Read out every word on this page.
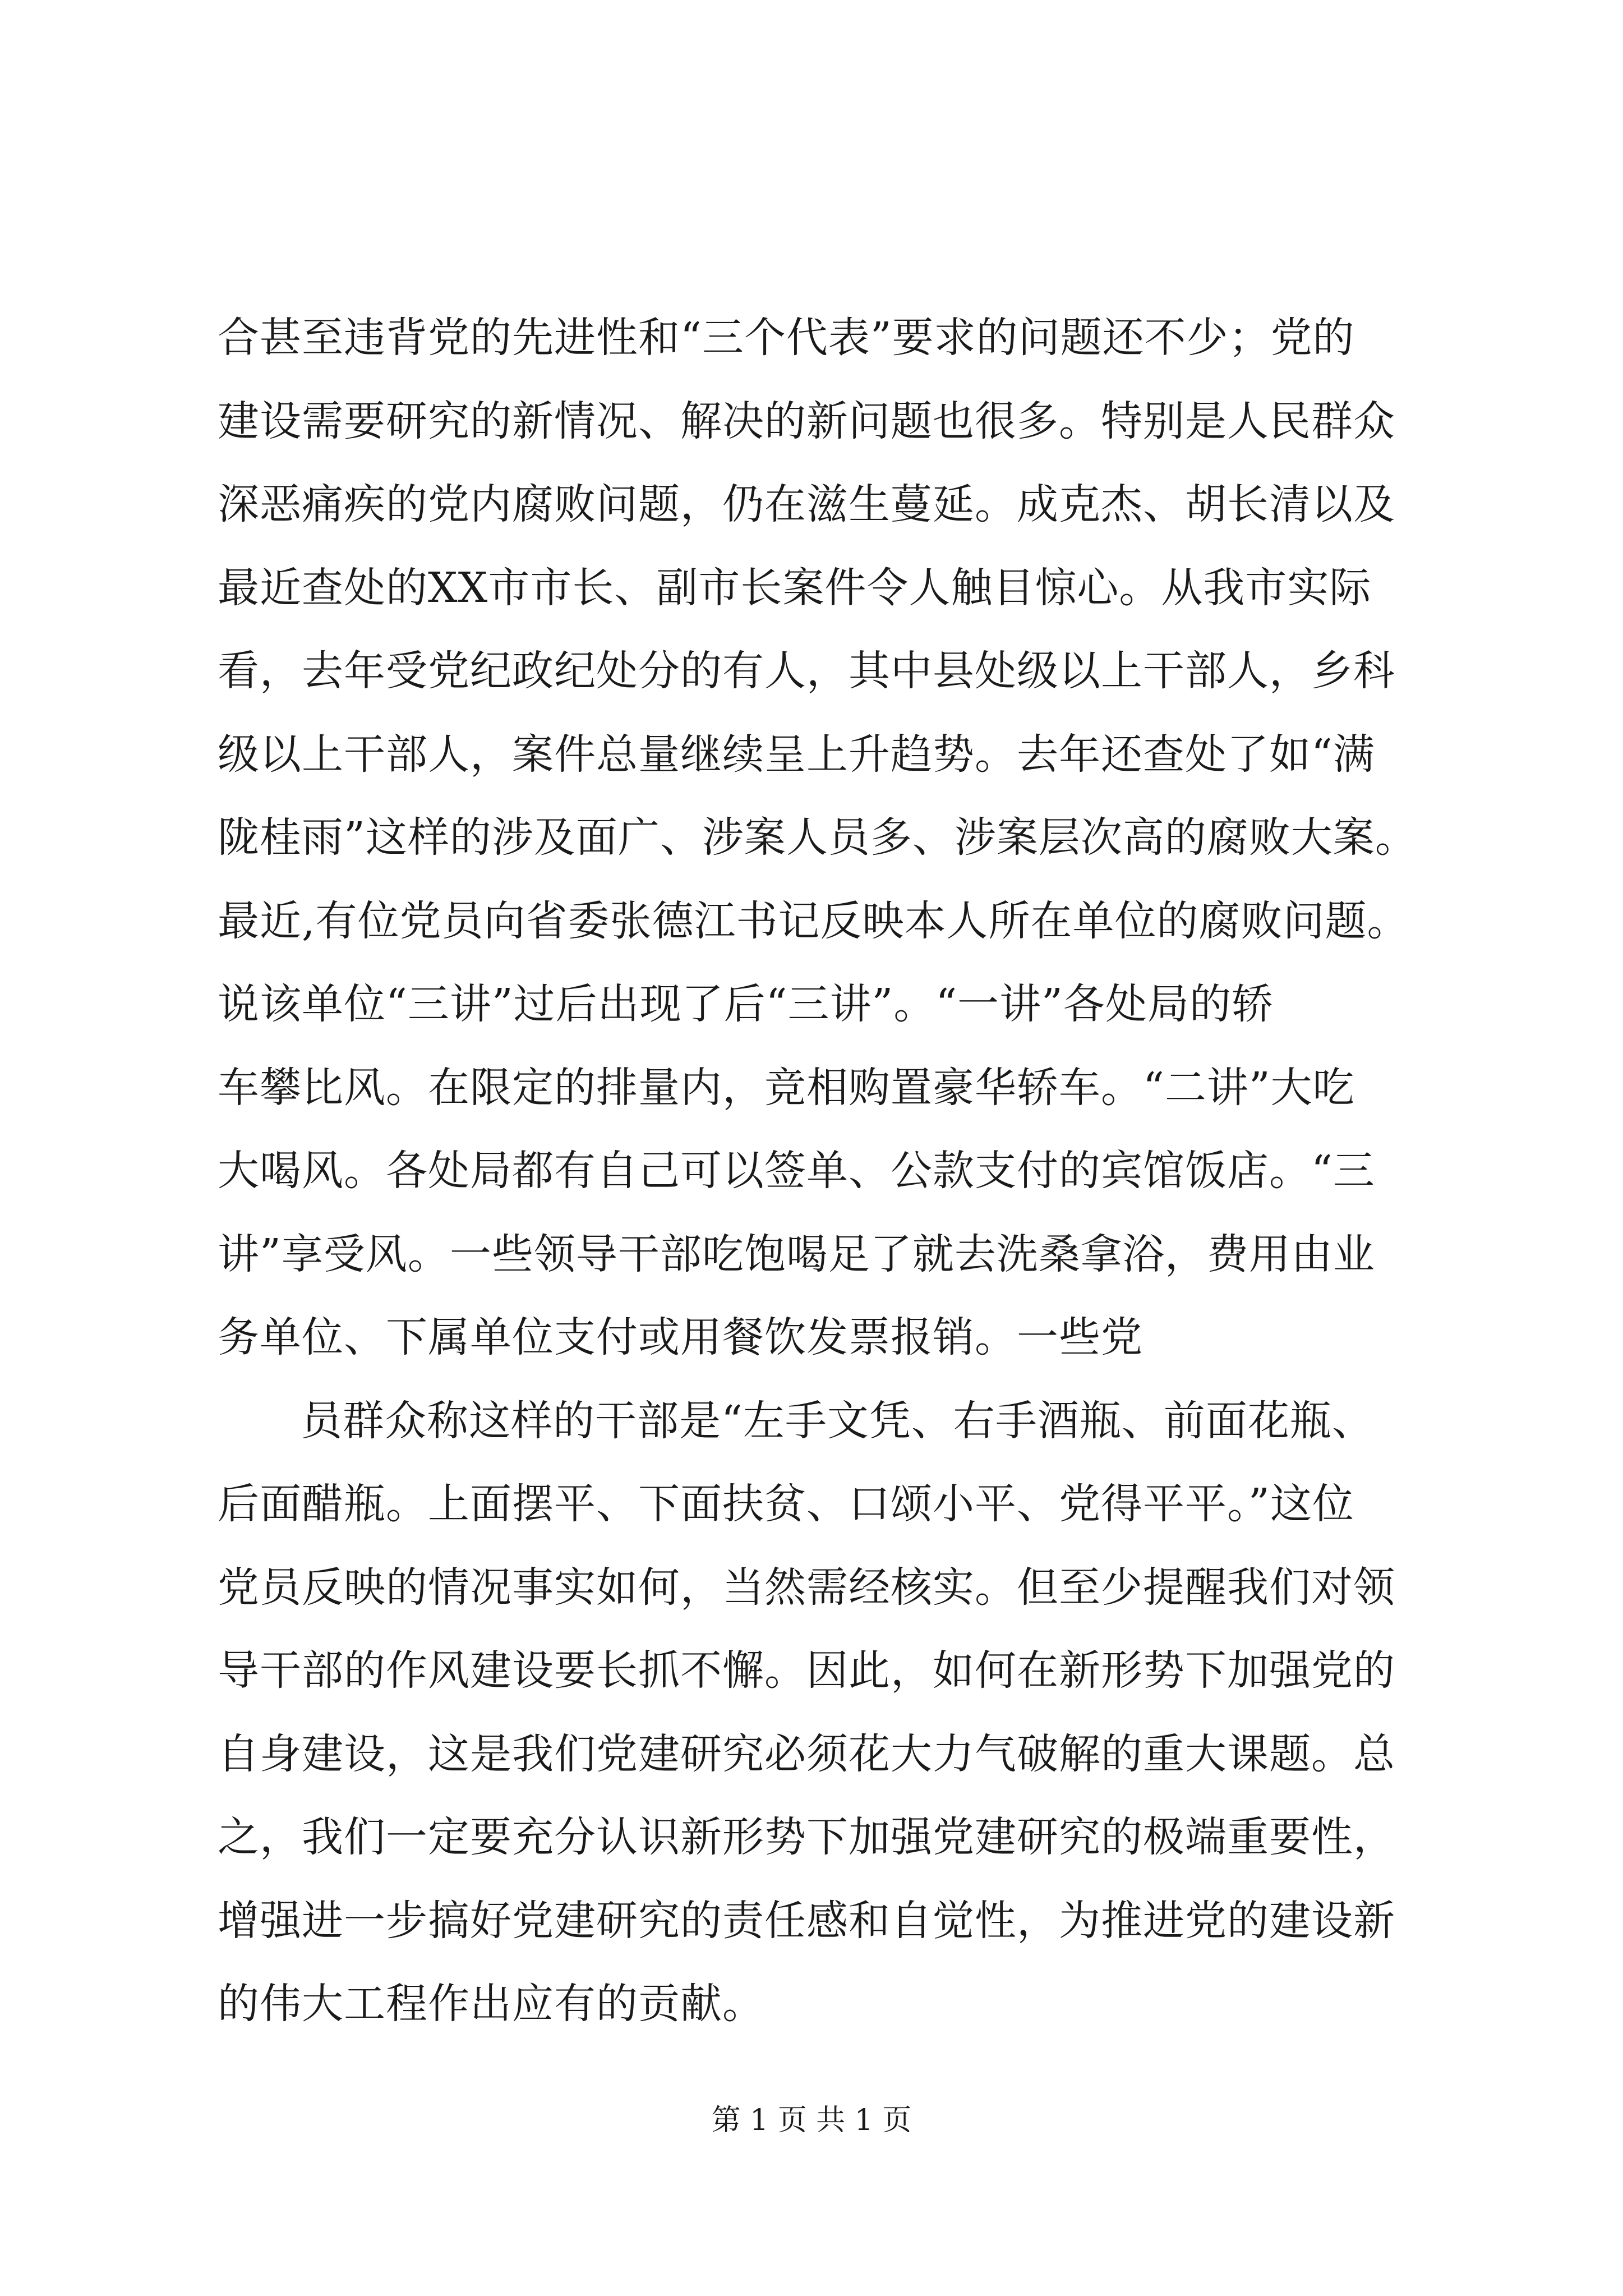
合甚至违背党的先进性和“三个代表”要求的问题还不少；党的
建设需要研究的新情况、解决的新问题也很多。特别是人民群众
深恶痛疾的党内腐败问题，仍在滋生蔓延。成克杰、胡长清以及
最近查处的XX市市长、副市长案件令人触目惊心。从我市实际
看，去年受党纪政纪处分的有人，其中县处级以上干部人，乡科
级以上干部人，案件总量继续呈上升趋势。去年还查处了如“满
陇桂雨”这样的涉及面广、涉案人员多、涉案层次高的腐败大案。
最近,有位党员向省委张德江书记反映本人所在单位的腐败问题。
说该单位“三讲”过后出现了后“三讲”。“一讲”各处局的轿
车攀比风。在限定的排量内，竞相购置豪华轿车。“二讲”大吃
大喝风。各处局都有自己可以签单、公款支付的宾馆饭店。“三
讲”享受风。一些领导干部吃饱喝足了就去洗桑拿浴，费用由业
务单位、下属单位支付或用餐饮发票报销。一些党
员群众称这样的干部是“左手文凭、右手酒瓶、前面花瓶、
后面醋瓶。上面摆平、下面扶贫、口颂小平、党得平平。”这位
党员反映的情况事实如何，当然需经核实。但至少提醒我们对领
导干部的作风建设要长抓不懈。因此，如何在新形势下加强党的
自身建设，这是我们党建研究必须花大力气破解的重大课题。总
之，我们一定要充分认识新形势下加强党建研究的极端重要性，
增强进一步搞好党建研究的责任感和自觉性，为推进党的建设新
的伟大工程作出应有的贡献。
第 1 页 共 1 页
